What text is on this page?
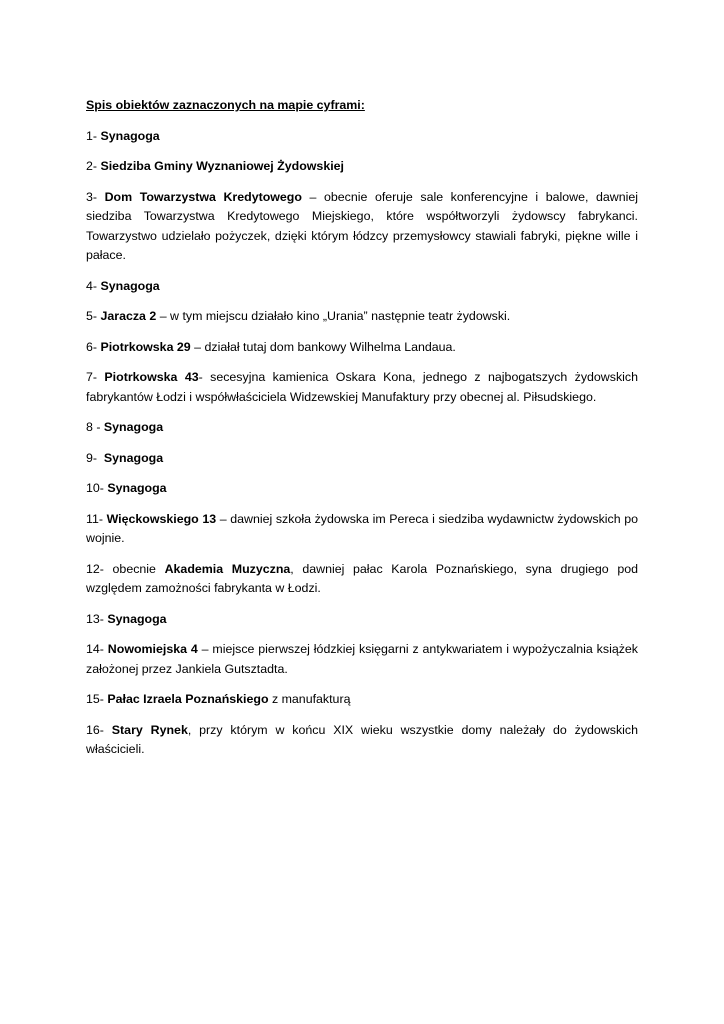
Spis obiektów zaznaczonych na mapie cyframi:

1- Synagoga

2- Siedziba Gminy Wyznaniowej Żydowskiej

3- Dom Towarzystwa Kredytowego – obecnie oferuje sale konferencyjne i balowe, dawniej siedziba Towarzystwa Kredytowego Miejskiego, które współtworzyli żydowscy fabrykanci. Towarzystwo udzielało pożyczek, dzięki którym łódzcy przemysłowcy stawiali fabryki, piękne wille i pałace.

4- Synagoga

5- Jaracza 2 – w tym miejscu działało kino „Urania” następnie teatr żydowski.

6- Piotrkowska 29 – działał tutaj dom bankowy Wilhelma Landaua.

7- Piotrkowska 43- secesyjna kamienica Oskara Kona, jednego z najbogatszych żydowskich fabrykantów Łodzi i współwłaściciela Widzewskiej Manufaktury przy obecnej al. Piłsudskiego.

8 - Synagoga

9-  Synagoga

10- Synagoga

11- Więckowskiego 13 – dawniej szkoła żydowska im Pereca i siedziba wydawnictw żydowskich po wojnie.

12- obecnie Akademia Muzyczna, dawniej pałac Karola Poznańskiego, syna drugiego pod względem zamożności fabrykanta w Łodzi.

13- Synagoga

14- Nowomiejska 4 – miejsce pierwszej łódzkiej księgarni z antykwariatem i wypożyczalnia książek założonej przez Jankiela Gutsztadta.

15- Pałac Izraela Poznańskiego z manufakturą

16- Stary Rynek, przy którym w końcu XIX wieku wszystkie domy należały do żydowskich właścicieli.
